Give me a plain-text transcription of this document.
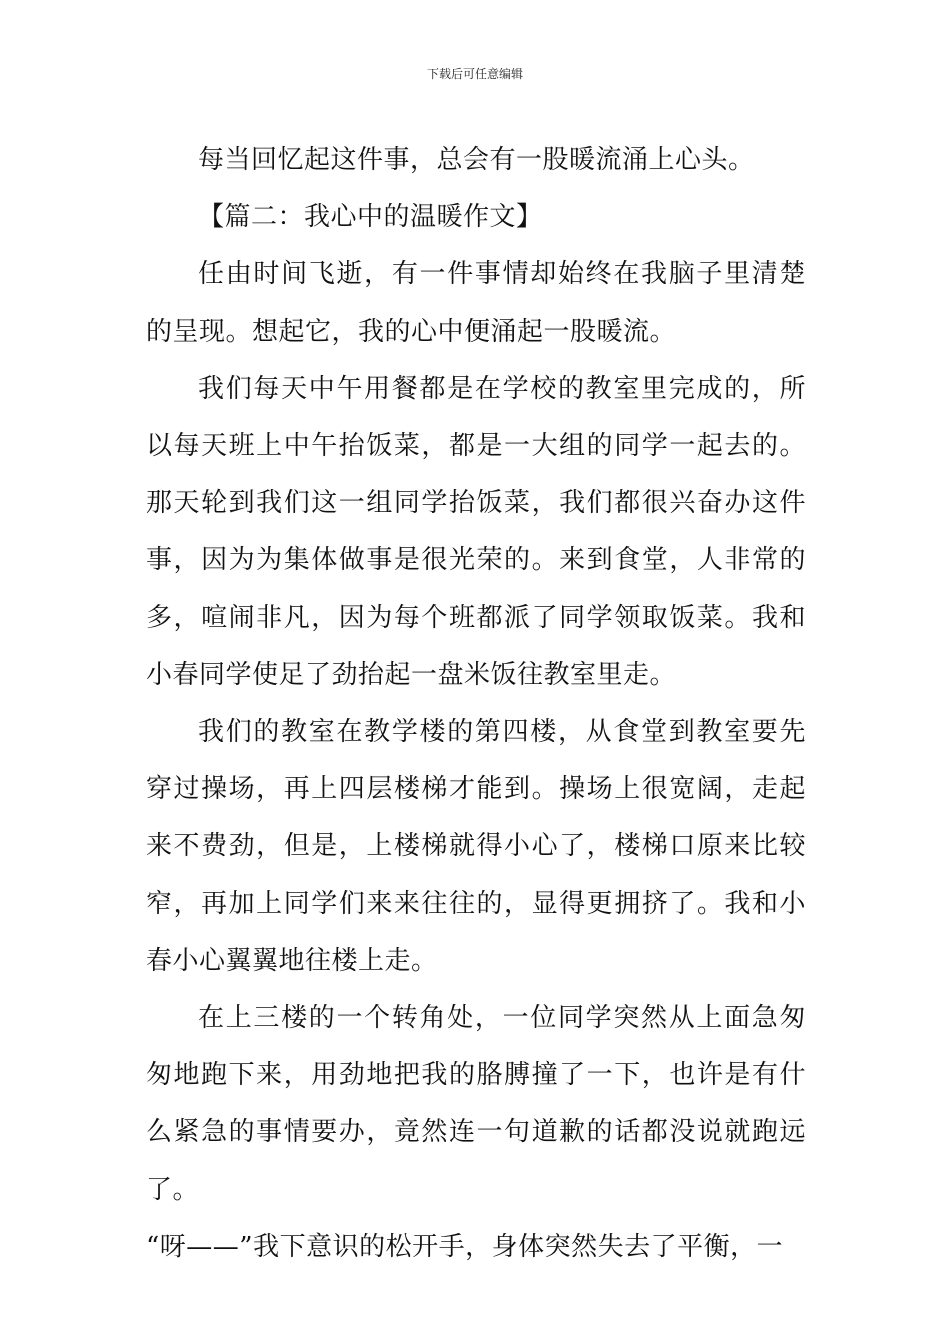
下载后可任意编辑

每当回忆起这件事，总会有一股暖流涌上心头。

【篇二：我心中的温暖作文】

任由时间飞逝，有一件事情却始终在我脑子里清楚的呈现。想起它，我的心中便涌起一股暖流。

我们每天中午用餐都是在学校的教室里完成的，所以每天班上中午抬饭菜，都是一大组的同学一起去的。那天轮到我们这一组同学抬饭菜，我们都很兴奋办这件事，因为为集体做事是很光荣的。来到食堂，人非常的多，喧闹非凡，因为每个班都派了同学领取饭菜。我和小春同学使足了劲抬起一盘米饭往教室里走。

我们的教室在教学楼的第四楼，从食堂到教室要先穿过操场，再上四层楼梯才能到。操场上很宽阔，走起来不费劲，但是，上楼梯就得小心了，楼梯口原来比较窄，再加上同学们来来往往的，显得更拥挤了。我和小春小心翼翼地往楼上走。

在上三楼的一个转角处，一位同学突然从上面急匆匆地跑下来，用劲地把我的胳膊撞了一下，也许是有什么紧急的事情要办，竟然连一句道歉的话都没说就跑远了。

“呀——”我下意识的松开手，身体突然失去了平衡，一
